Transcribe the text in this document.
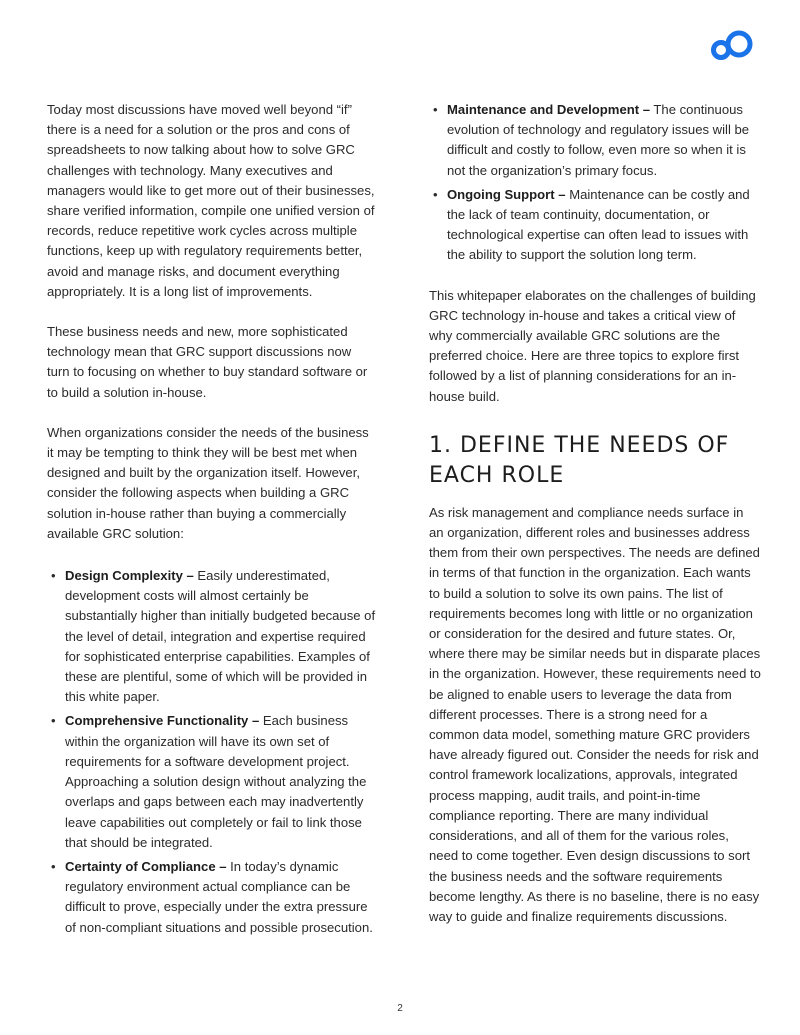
Today most discussions have moved well beyond “if” there is a need for a solution or the pros and cons of spreadsheets to now talking about how to solve GRC challenges with technology. Many executives and managers would like to get more out of their businesses, share verified information, compile one unified version of records, reduce repetitive work cycles across multiple functions, keep up with regulatory requirements better, avoid and manage risks, and document everything appropriately. It is a long list of improvements.

These business needs and new, more sophisticated technology mean that GRC support discussions now turn to focusing on whether to buy standard software or to build a solution in-house.

When organizations consider the needs of the business it may be tempting to think they will be best met when designed and built by the organization itself. However, consider the following aspects when building a GRC solution in-house rather than buying a commercially available GRC solution:

• Design Complexity – Easily underestimated, development costs will almost certainly be substantially higher than initially budgeted because of the level of detail, integration and expertise required for sophisticated enterprise capabilities. Examples of these are plentiful, some of which will be provided in this white paper.
• Comprehensive Functionality – Each business within the organization will have its own set of requirements for a software development project. Approaching a solution design without analyzing the overlaps and gaps between each may inadvertently leave capabilities out completely or fail to link those that should be integrated.
• Certainty of Compliance – In today’s dynamic regulatory environment actual compliance can be difficult to prove, especially under the extra pressure of non-compliant situations and possible prosecution.
• Maintenance and Development – The continuous evolution of technology and regulatory issues will be difficult and costly to follow, even more so when it is not the organization’s primary focus.
• Ongoing Support – Maintenance can be costly and the lack of team continuity, documentation, or technological expertise can often lead to issues with the ability to support the solution long term.

This whitepaper elaborates on the challenges of building GRC technology in-house and takes a critical view of why commercially available GRC solutions are the preferred choice. Here are three topics to explore first followed by a list of planning considerations for an in-house build.

1. DEFINE THE NEEDS OF EACH ROLE

As risk management and compliance needs surface in an organization, different roles and businesses address them from their own perspectives. The needs are defined in terms of that function in the organization. Each wants to build a solution to solve its own pains. The list of requirements becomes long with little or no organization or consideration for the desired and future states. Or, where there may be similar needs but in disparate places in the organization. However, these requirements need to be aligned to enable users to leverage the data from different processes. There is a strong need for a common data model, something mature GRC providers have already figured out. Consider the needs for risk and control framework localizations, approvals, integrated process mapping, audit trails, and point-in-time compliance reporting. There are many individual considerations, and all of them for the various roles, need to come together. Even design discussions to sort the business needs and the software requirements become lengthy. As there is no baseline, there is no easy way to guide and finalize requirements discussions.

2
